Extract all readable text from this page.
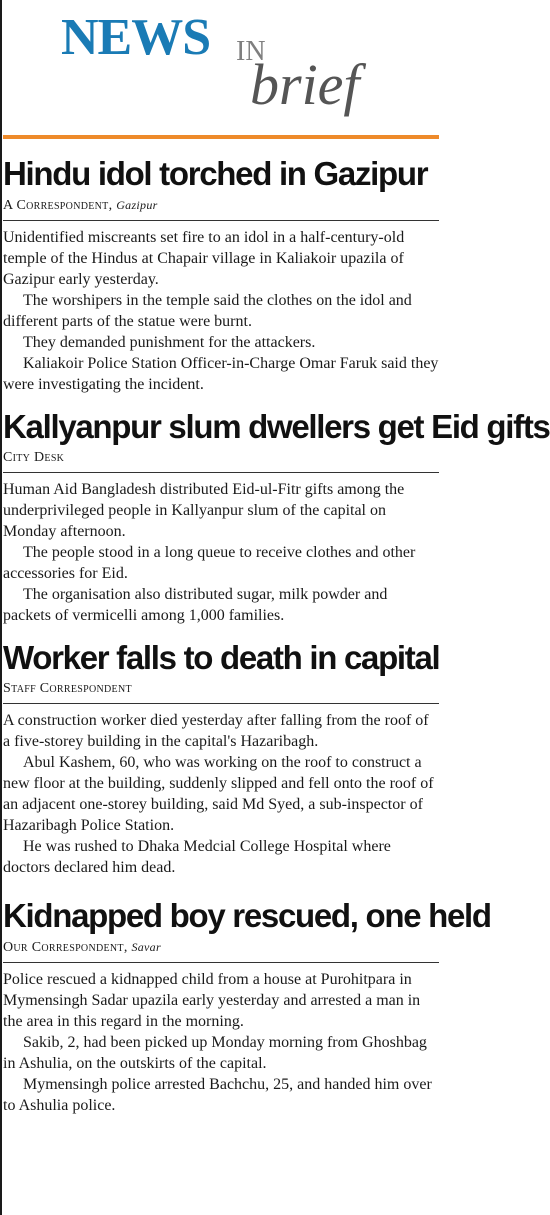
NEWS IN
brief
Hindu idol torched in Gazipur
A Correspondent, Gazipur

Unidentified miscreants set fire to an idol in a half-century-old temple of the Hindus at Chapair village in Kaliakoir upazila of Gazipur early yesterday.

The worshipers in the temple said the clothes on the idol and different parts of the statue were burnt.

They demanded punishment for the attackers.

Kaliakoir Police Station Officer-in-Charge Omar Faruk said they were investigating the incident.

Kallyanpur slum dwellers get Eid gifts
City Desk

Human Aid Bangladesh distributed Eid-ul-Fitr gifts among the underprivileged people in Kallyanpur slum of the capital on Monday afternoon.

The people stood in a long queue to receive clothes and other accessories for Eid.

The organisation also distributed sugar, milk powder and packets of vermicelli among 1,000 families.

Worker falls to death in capital
Staff Correspondent

A construction worker died yesterday after falling from the roof of a five-storey building in the capital's Hazaribagh.

Abul Kashem, 60, who was working on the roof to construct a new floor at the building, suddenly slipped and fell onto the roof of an adjacent one-storey building, said Md Syed, a sub-inspector of Hazaribagh Police Station.

He was rushed to Dhaka Medcial College Hospital where doctors declared him dead.

Kidnapped boy rescued, one held
Our Correspondent, Savar

Police rescued a kidnapped child from a house at Purohitpara in Mymensingh Sadar upazila early yesterday and arrested a man in the area in this regard in the morning.

Sakib, 2, had been picked up Monday morning from Ghoshbag in Ashulia, on the outskirts of the capital.

Mymensingh police arrested Bachchu, 25, and handed him over to Ashulia police.
